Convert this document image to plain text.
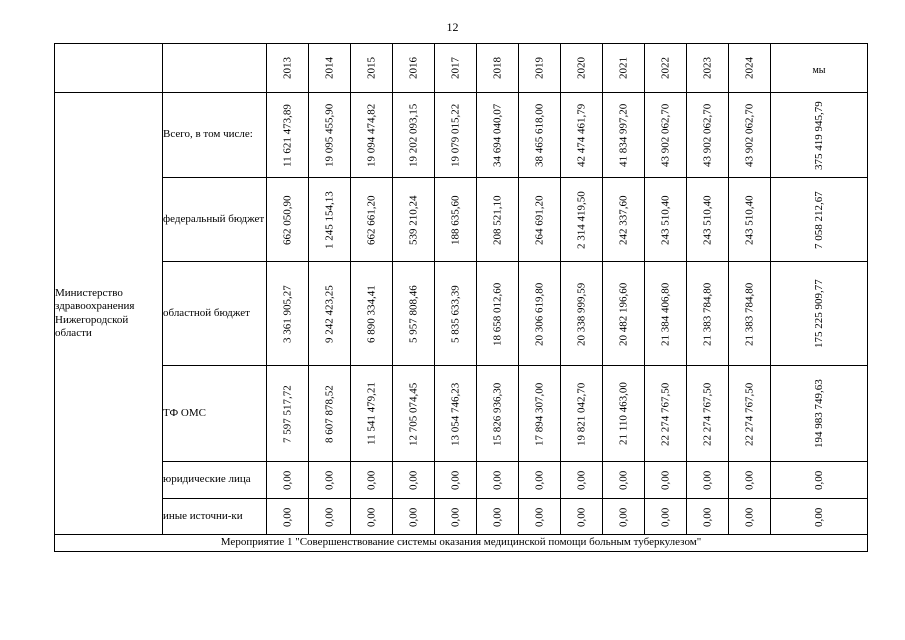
12
		2013	2014	2015	2016	2017	2018	2019	2020	2021	2022	2023	2024	мы

Министерство здравоохранения Нижегородской области	Всего, в том числе:	11 621 473,89	19 095 455,90	19 094 474,82	19 202 093,15	19 079 015,22	34 694 040,07	38 465 618,00	42 474 461,79	41 834 997,20	43 902 062,70	43 902 062,70	43 902 062,70	375 419 945,79
	федеральный бюджет	662 050,90	1 245 154,13	662 661,20	539 210,24	188 635,60	208 521,10	264 691,20	2 314 419,50	242 337,60	243 510,40	243 510,40	243 510,40	7 058 212,67
	областной бюджет	3 361 905,27	9 242 423,25	6 890 334,41	5 957 808,46	5 835 633,39	18 658 012,60	20 306 619,80	20 338 999,59	20 482 196,60	21 384 406,80	21 383 784,80	21 383 784,80	175 225 909,77
	ТФ ОМС	7 597 517,72	8 607 878,52	11 541 479,21	12 705 074,45	13 054 746,23	15 826 936,30	17 894 307,00	19 821 042,70	21 110 463,00	22 274 767,50	22 274 767,50	22 274 767,50	194 983 749,63
	юридические лица	0,00	0,00	0,00	0,00	0,00	0,00	0,00	0,00	0,00	0,00	0,00	0,00	0,00
	иные источни-ки	0,00	0,00	0,00	0,00	0,00	0,00	0,00	0,00	0,00	0,00	0,00	0,00	0,00
Мероприятие 1 "Совершенствование системы оказания медицинской помощи больным туберкулезом"														
